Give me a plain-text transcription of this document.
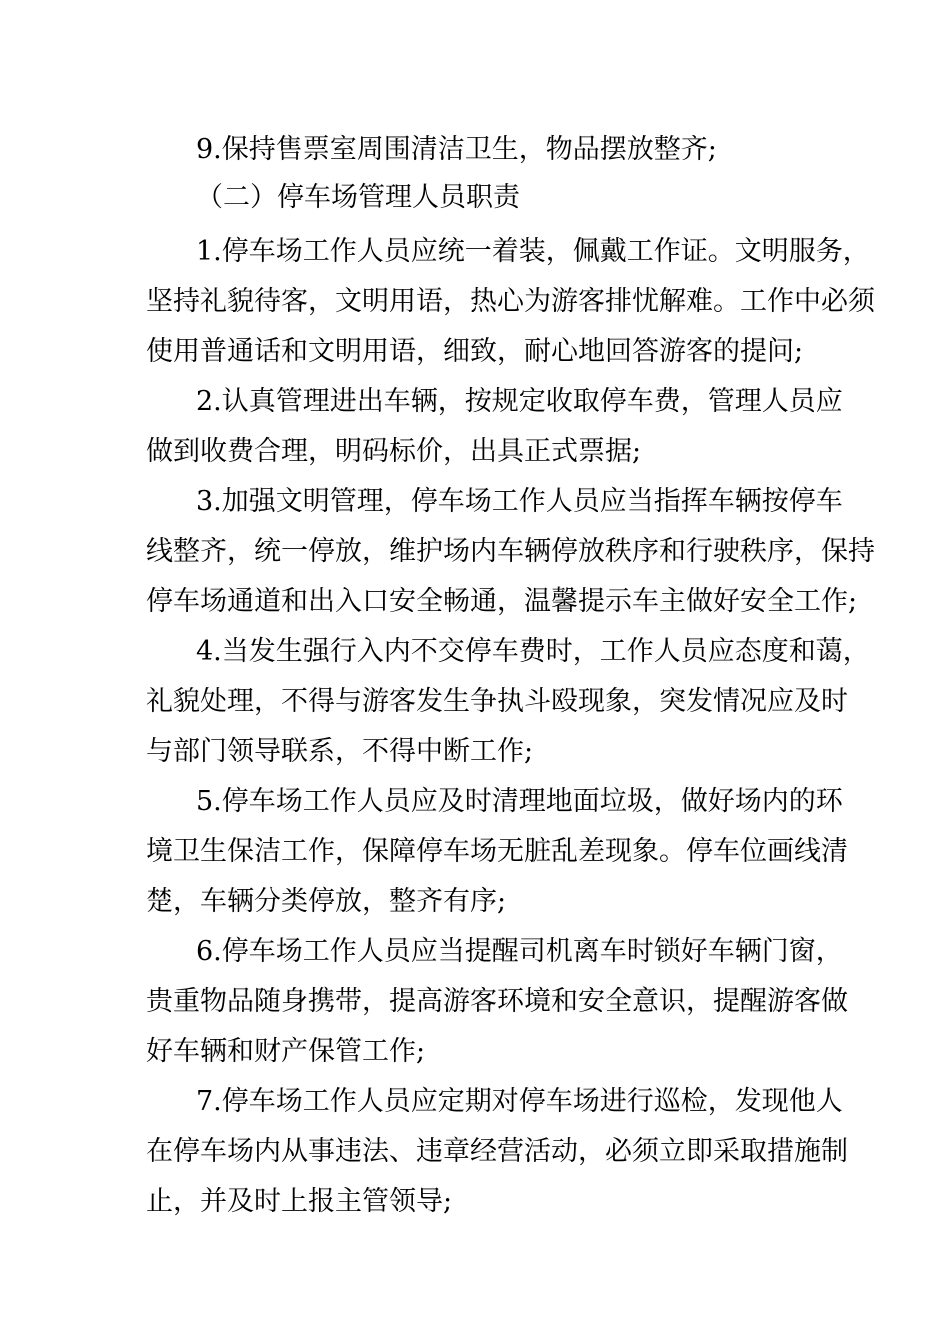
9.保持售票室周围清洁卫生，物品摆放整齐;
（二）停车场管理人员职责
1.停车场工作人员应统一着装，佩戴工作证。文明服务，
坚持礼貌待客，文明用语，热心为游客排忧解难。工作中必须
使用普通话和文明用语，细致，耐心地回答游客的提问;
2.认真管理进出车辆，按规定收取停车费，管理人员应
做到收费合理，明码标价，出具正式票据;
3.加强文明管理，停车场工作人员应当指挥车辆按停车
线整齐，统一停放，维护场内车辆停放秩序和行驶秩序，保持
停车场通道和出入口安全畅通，温馨提示车主做好安全工作;
4.当发生强行入内不交停车费时，工作人员应态度和蔼，
礼貌处理，不得与游客发生争执斗殴现象，突发情况应及时
与部门领导联系，不得中断工作;
5.停车场工作人员应及时清理地面垃圾，做好场内的环
境卫生保洁工作，保障停车场无脏乱差现象。停车位画线清
楚，车辆分类停放，整齐有序;
6.停车场工作人员应当提醒司机离车时锁好车辆门窗，
贵重物品随身携带，提高游客环境和安全意识，提醒游客做
好车辆和财产保管工作;
7.停车场工作人员应定期对停车场进行巡检，发现他人
在停车场内从事违法、违章经营活动，必须立即采取措施制
止，并及时上报主管领导;
